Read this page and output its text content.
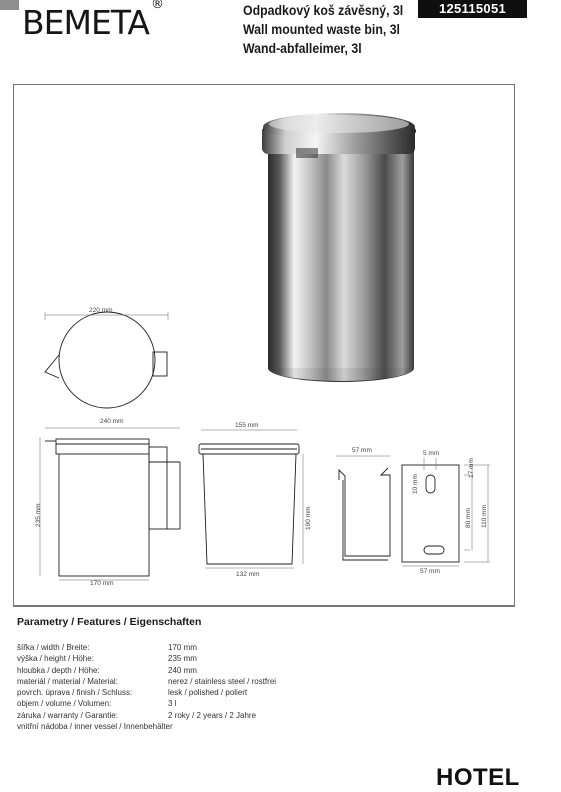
BEMETA ®	Odpadkový koš závěsný, 3l
Wall mounted waste bin, 3l
Wand-abfalleimer, 3l
125115051
220 mm
240 mm
170 mm
235 mm
155 mm
132 mm
190 mm
57 mm	5 mm
10 mm
17 mm
80 mm 110 mm
57 mm
Parametry / Features / Eigenschaften
šířka / width / Breite:	170 mm
výška / height / Höhe:	235 mm
hloubka / depth / Höhe:	240 mm
materiál / material / Material:	nerez / stainless steel / rostfrei
povrch. úprava / finish / Schluss:	lesk / polished / poliert
objem / volume / Volumen:	3 l
záruka / warranty / Garantie:	2 roky / 2 years / 2 Jahre
vnitřní nádoba / inner vessel / Innenbehälter
HOTEL
